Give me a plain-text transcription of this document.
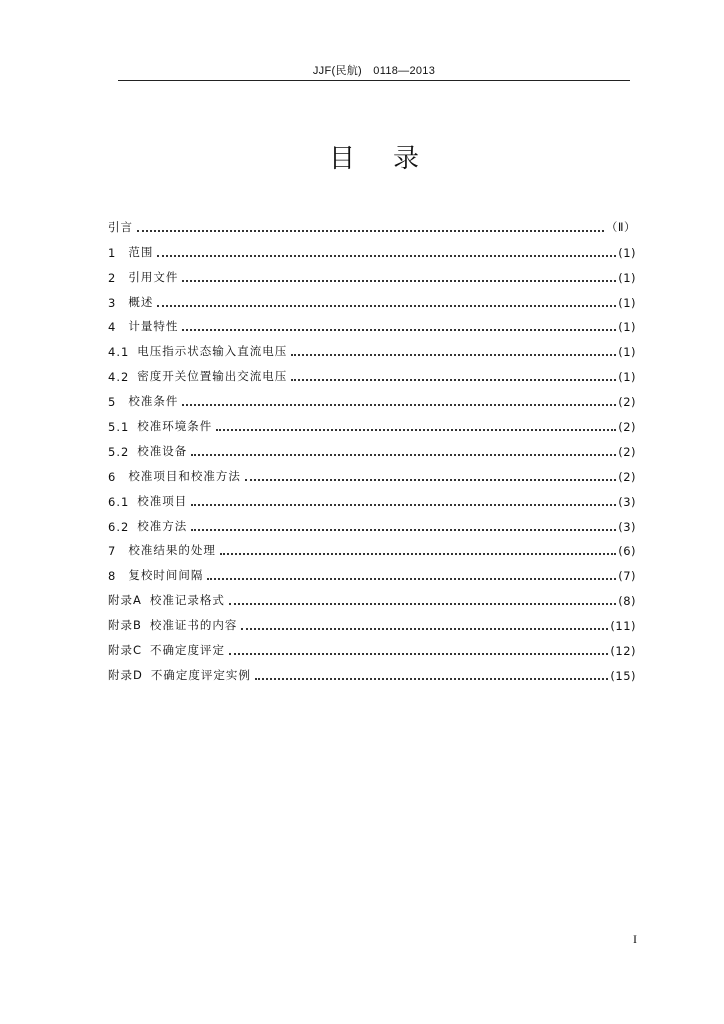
JJF(民航)　0118—2013
目录
引言	（Ⅱ）
1 范围	(1)
2 引用文件	(1)
3 概述	(1)
4 计量特性	(1)
4.1 电压指示状态输入直流电压	(1)
4.2 密度开关位置输出交流电压	(1)
5 校准条件	(2)
5.1 校准环境条件	(2)
5.2 校准设备	(2)
6 校准项目和校准方法	(2)
6.1 校准项目	(3)
6.2 校准方法	(3)
7 校准结果的处理	(6)
8 复校时间间隔	(7)
附录A 校准记录格式	(8)
附录B 校准证书的内容	(11)
附录C 不确定度评定	(12)
附录D 不确定度评定实例	(15)
I
